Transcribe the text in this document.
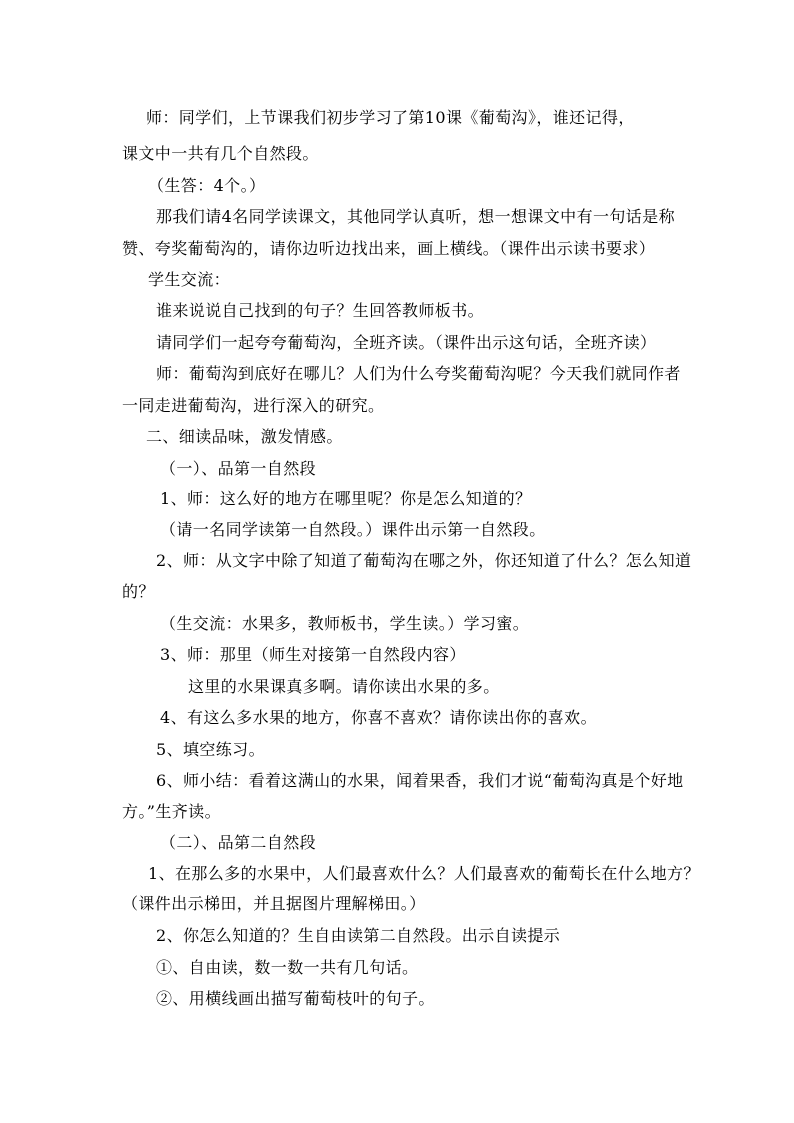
师：同学们，上节课我们初步学习了第10课《葡萄沟》，谁还记得，
课文中一共有几个自然段。
（生答：4个。）
那我们请4名同学读课文，其他同学认真听，想一想课文中有一句话是称
赞、夸奖葡萄沟的，请你边听边找出来，画上横线。（课件出示读书要求）
学生交流：
谁来说说自己找到的句子？生回答教师板书。
请同学们一起夸夸葡萄沟，全班齐读。（课件出示这句话，全班齐读）
师：葡萄沟到底好在哪儿？人们为什么夸奖葡萄沟呢？今天我们就同作者
一同走进葡萄沟，进行深入的研究。
二、细读品味，激发情感。
（一）、品第一自然段
1、师：这么好的地方在哪里呢？你是怎么知道的？
（请一名同学读第一自然段。）课件出示第一自然段。
2、师：从文字中除了知道了葡萄沟在哪之外，你还知道了什么？怎么知道
的？
（生交流：水果多，教师板书，学生读。）学习蜜。
3、师：那里（师生对接第一自然段内容）
这里的水果课真多啊。请你读出水果的多。
4、有这么多水果的地方，你喜不喜欢？请你读出你的喜欢。
5、填空练习。
6、师小结：看着这满山的水果，闻着果香，我们才说“葡萄沟真是个好地
方。”生齐读。
（二）、品第二自然段
1、在那么多的水果中，人们最喜欢什么？人们最喜欢的葡萄长在什么地方？
（课件出示梯田，并且据图片理解梯田。）
2、你怎么知道的？生自由读第二自然段。出示自读提示
①、自由读，数一数一共有几句话。
②、用横线画出描写葡萄枝叶的句子。
